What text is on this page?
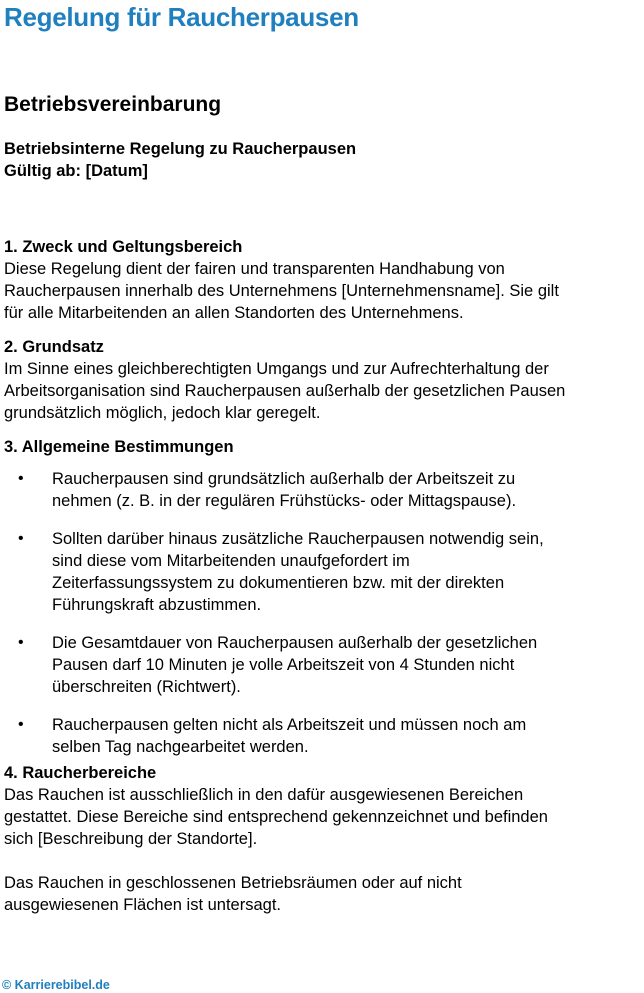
Regelung für Raucherpausen
Betriebsvereinbarung
Betriebsinterne Regelung zu Raucherpausen
Gültig ab: [Datum]

1. Zweck und Geltungsbereich

Diese Regelung dient der fairen und transparenten Handhabung von
Raucherpausen innerhalb des Unternehmens [Unternehmensname]. Sie gilt
für alle Mitarbeitenden an allen Standorten des Unternehmens.

2. Grundsatz

Im Sinne eines gleichberechtigten Umgangs und zur Aufrechterhaltung der
Arbeitsorganisation sind Raucherpausen außerhalb der gesetzlichen Pausen
grundsätzlich möglich, jedoch klar geregelt.

3. Allgemeine Bestimmungen

• Raucherpausen sind grundsätzlich außerhalb der Arbeitszeit zu
nehmen (z. B. in der regulären Frühstücks- oder Mittagspause).
• Sollten darüber hinaus zusätzliche Raucherpausen notwendig sein,
sind diese vom Mitarbeitenden unaufgefordert im
Zeiterfassungssystem zu dokumentieren bzw. mit der direkten
Führungskraft abzustimmen.
• Die Gesamtdauer von Raucherpausen außerhalb der gesetzlichen
Pausen darf 10 Minuten je volle Arbeitszeit von 4 Stunden nicht
überschreiten (Richtwert).
• Raucherpausen gelten nicht als Arbeitszeit und müssen noch am
selben Tag nachgearbeitet werden.

4. Raucherbereiche

Das Rauchen ist ausschließlich in den dafür ausgewiesenen Bereichen
gestattet. Diese Bereiche sind entsprechend gekennzeichnet und befinden
sich [Beschreibung der Standorte].

Das Rauchen in geschlossenen Betriebsräumen oder auf nicht
ausgewiesenen Flächen ist untersagt.

© Karrierebibel.de
